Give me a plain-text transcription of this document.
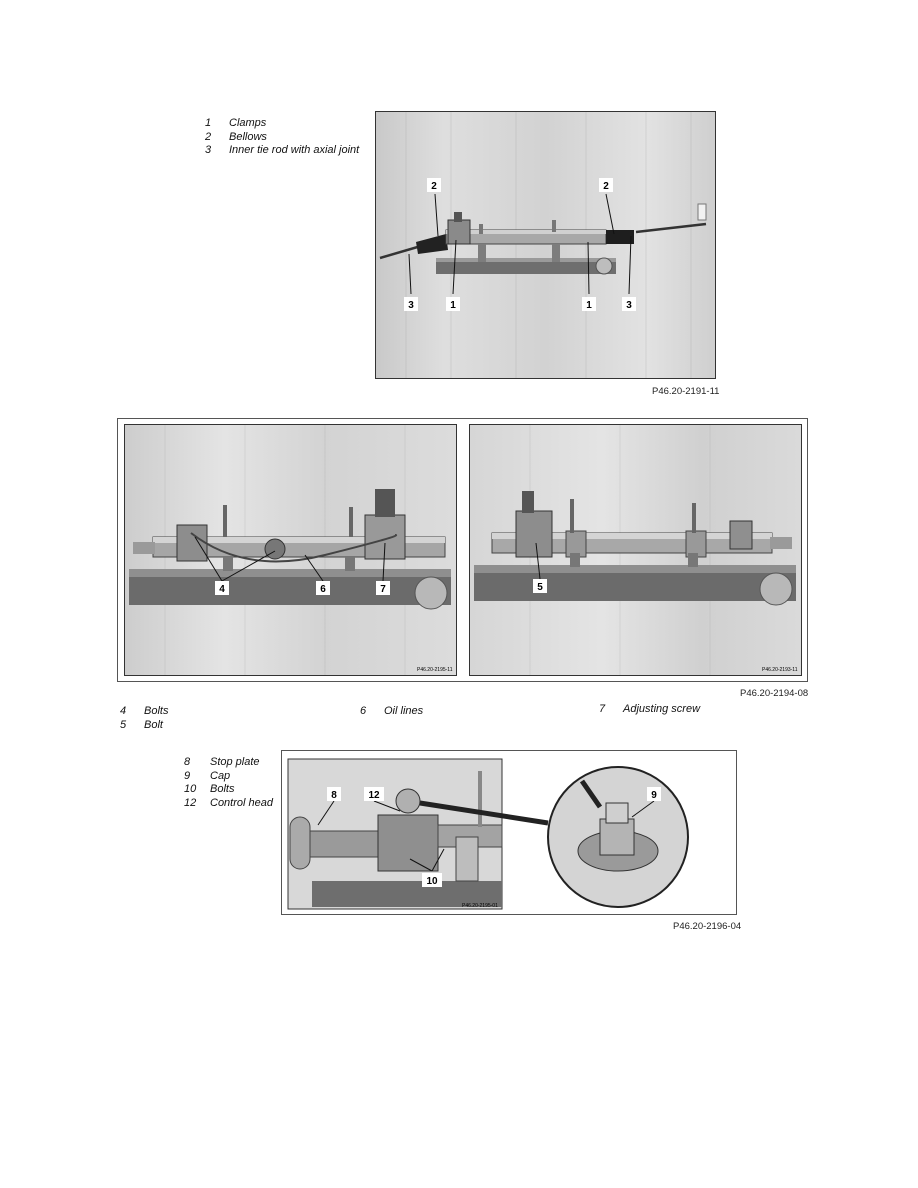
1	Clamps
2	Bellows
3	Inner tie rod with axial joint
2	2
3	1	1	3
P46.20-2191-11
4	6	7
P46.20-2195-11
5
P46.20-2193-11
P46.20-2194-08
4	Bolts
5	Bolt
6	Oil lines	7	Adjusting screw
8	Stop plate
9	Cap
10	Bolts
12	Control head
8	12
10
9
P46.20-2195-01
P46.20-2196-04
